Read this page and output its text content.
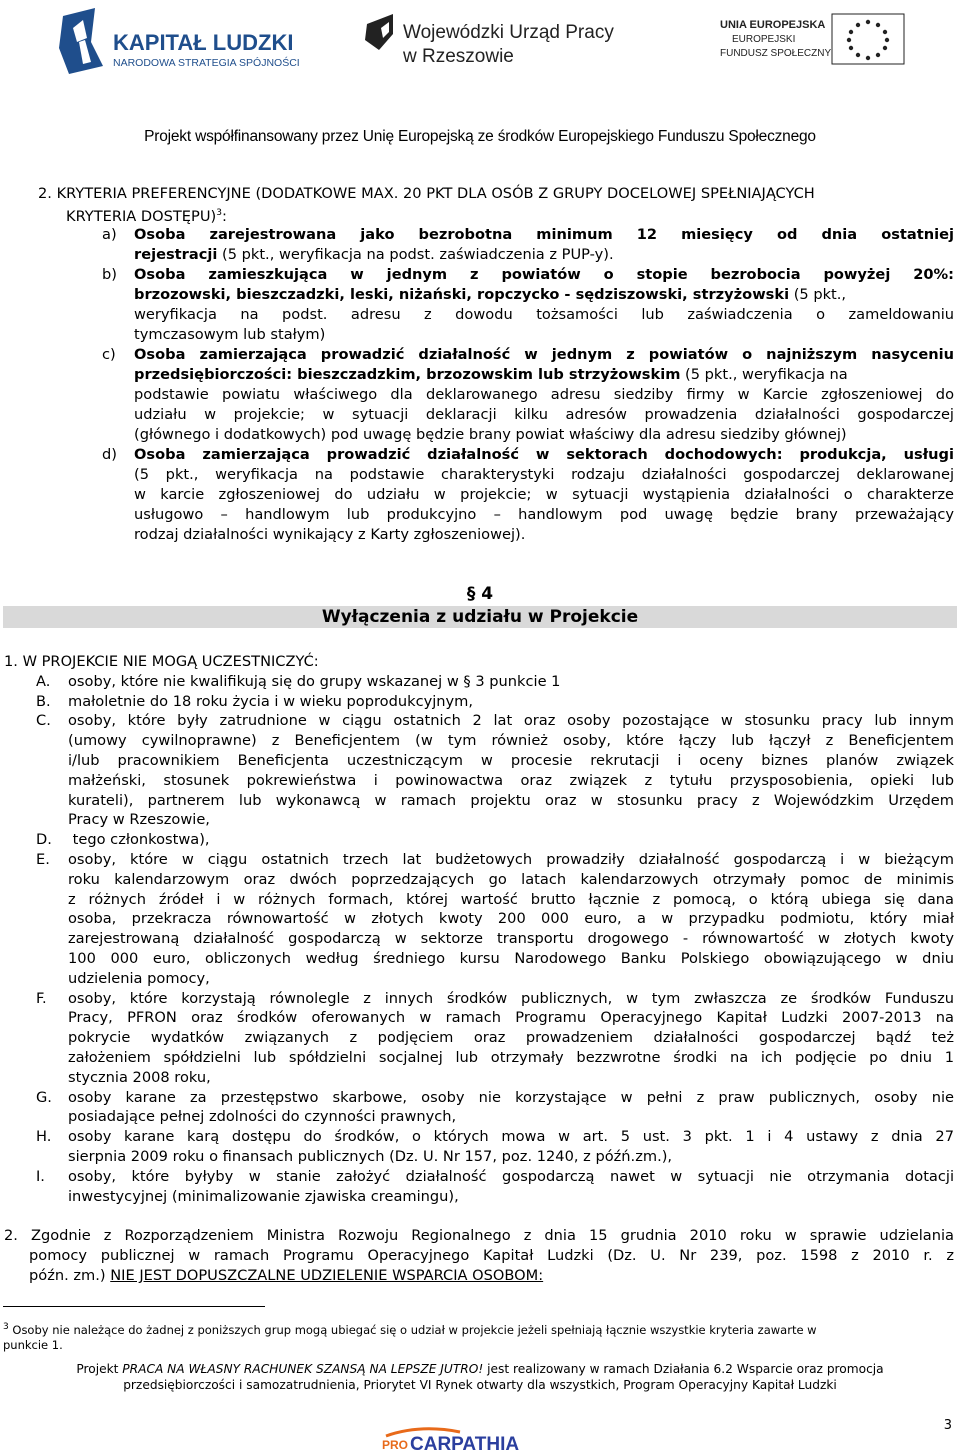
KAPITAŁ LUDZKI
NARODOWA STRATEGIA SPÓJNOŚCI
Wojewódzki Urząd Pracy
w Rzeszowie
UNIA EUROPEJSKA
EUROPEJSKI
FUNDUSZ SPOŁECZNY
Projekt współfinansowany przez Unię Europejską ze środków Europejskiego Funduszu Społecznego
2. KRYTERIA PREFERENCYJNE (DODATKOWE MAX. 20 PKT DLA OSÓB Z GRUPY DOCELOWEJ SPEŁNIAJĄCYCH
KRYTERIA DOSTĘPU)$^3$:
a) Osoba zarejestrowana jako bezrobotna minimum 12 miesięcy od dnia ostatniej
rejestracji (5 pkt., weryfikacja na podst. zaświadczenia z PUP-y).
b) Osoba zamieszkująca w jednym z powiatów o stopie bezrobocia powyżej 20%:
brzozowski, bieszczadzki, leski, niżański, ropczycko - sędziszowski, strzyżowski (5 pkt.,
weryfikacja na podst. adresu z dowodu tożsamości lub zaświadczenia o zameldowaniu
tymczasowym lub stałym)
c) Osoba zamierzająca prowadzić działalność w jednym z powiatów o najniższym nasyceniu
przedsiębiorczości: bieszczadzkim, brzozowskim lub strzyżowskim (5 pkt., weryfikacja na
podstawie powiatu właściwego dla deklarowanego adresu siedziby firmy w Karcie zgłoszeniowej do
udziału w projekcie; w sytuacji deklaracji kilku adresów prowadzenia działalności gospodarczej
(głównego i dodatkowych) pod uwagę będzie brany powiat właściwy dla adresu siedziby głównej)
d) Osoba zamierzająca prowadzić działalność w sektorach dochodowych: produkcja, usługi
(5 pkt., weryfikacja na podstawie charakterystyki rodzaju działalności gospodarczej deklarowanej
w karcie zgłoszeniowej do udziału w projekcie; w sytuacji wystąpienia działalności o charakterze
usługowo – handlowym lub produkcyjno – handlowym pod uwagę będzie brany przeważający
rodzaj działalności wynikający z Karty zgłoszeniowej).
§ 4
Wyłączenia z udziału w Projekcie
1. W PROJEKCIE NIE MOGĄ UCZESTNICZYĆ:
A. osoby, które nie kwalifikują się do grupy wskazanej w § 3 punkcie 1
B. małoletnie do 18 roku życia i w wieku poprodukcyjnym,
C. osoby, które były zatrudnione w ciągu ostatnich 2 lat oraz osoby pozostające w stosunku pracy lub innym
(umowy cywilnoprawne) z Beneficjentem (w tym również osoby, które łączy lub łączył z Beneficjentem
i/lub pracownikiem Beneficjenta uczestniczącym w procesie rekrutacji i oceny biznes planów związek
małżeński, stosunek pokrewieństwa i powinowactwa oraz związek z tytułu przysposobienia, opieki lub
kurateli), partnerem lub wykonawcą w ramach projektu oraz w stosunku pracy z Wojewódzkim Urzędem
Pracy w Rzeszowie,
D. tego członkostwa),
E. osoby, które w ciągu ostatnich trzech lat budżetowych prowadziły działalność gospodarczą i w bieżącym
roku kalendarzowym oraz dwóch poprzedzających go latach kalendarzowych otrzymały pomoc de minimis
z różnych źródeł i w różnych formach, której wartość brutto łącznie z pomocą, o którą ubiega się dana
osoba, przekracza równowartość w złotych kwoty 200 000 euro, a w przypadku podmiotu, który miał
zarejestrowaną działalność gospodarczą w sektorze transportu drogowego - równowartość w złotych kwoty
100 000 euro, obliczonych według średniego kursu Narodowego Banku Polskiego obowiązującego w dniu
udzielenia pomocy,
F. osoby, które korzystają równolegle z innych środków publicznych, w tym zwłaszcza ze środków Funduszu
Pracy, PFRON oraz środków oferowanych w ramach Programu Operacyjnego Kapitał Ludzki 2007-2013 na
pokrycie wydatków związanych z podjęciem oraz prowadzeniem działalności gospodarczej bądź też
założeniem spółdzielni lub spółdzielni socjalnej lub otrzymały bezzwrotne środki na ich podjęcie po dniu 1
stycznia 2008 roku,
G. osoby karane za przestępstwo skarbowe, osoby nie korzystające w pełni z praw publicznych, osoby nie
posiadające pełnej zdolności do czynności prawnych,
H. osoby karane karą dostępu do środków, o których mowa w art. 5 ust. 3 pkt. 1 i 4 ustawy z dnia 27
sierpnia 2009 roku o finansach publicznych (Dz. U. Nr 157, poz. 1240, z późń.zm.),
I. osoby, które byłyby w stanie założyć działalność gospodarczą nawet w sytuacji nie otrzymania dotacji
inwestycyjnej (minimalizowanie zjawiska creamingu),
2. Zgodnie z Rozporządzeniem Ministra Rozwoju Regionalnego z dnia 15 grudnia 2010 roku w sprawie udzielania
pomocy publicznej w ramach Programu Operacyjnego Kapitał Ludzki (Dz. U. Nr 239, poz. 1598 z 2010 r. z
późn. zm.) NIE JEST DOPUSZCZALNE UDZIELENIE WSPARCIA OSOBOM:
$^3$ Osoby nie należące do żadnej z poniższych grup mogą ubiegać się o udział w projekcie jeżeli spełniają łącznie wszystkie kryteria zawarte w
punkcie 1.
Projekt PRACA NA WŁASNY RACHUNEK SZANSĄ NA LEPSZE JUTRO! jest realizowany w ramach Działania 6.2 Wsparcie oraz promocja
przedsiębiorczości i samozatrudnienia, Priorytet VI Rynek otwarty dla wszystkich, Program Operacyjny Kapitał Ludzki
PRO CARPATHIA
3
